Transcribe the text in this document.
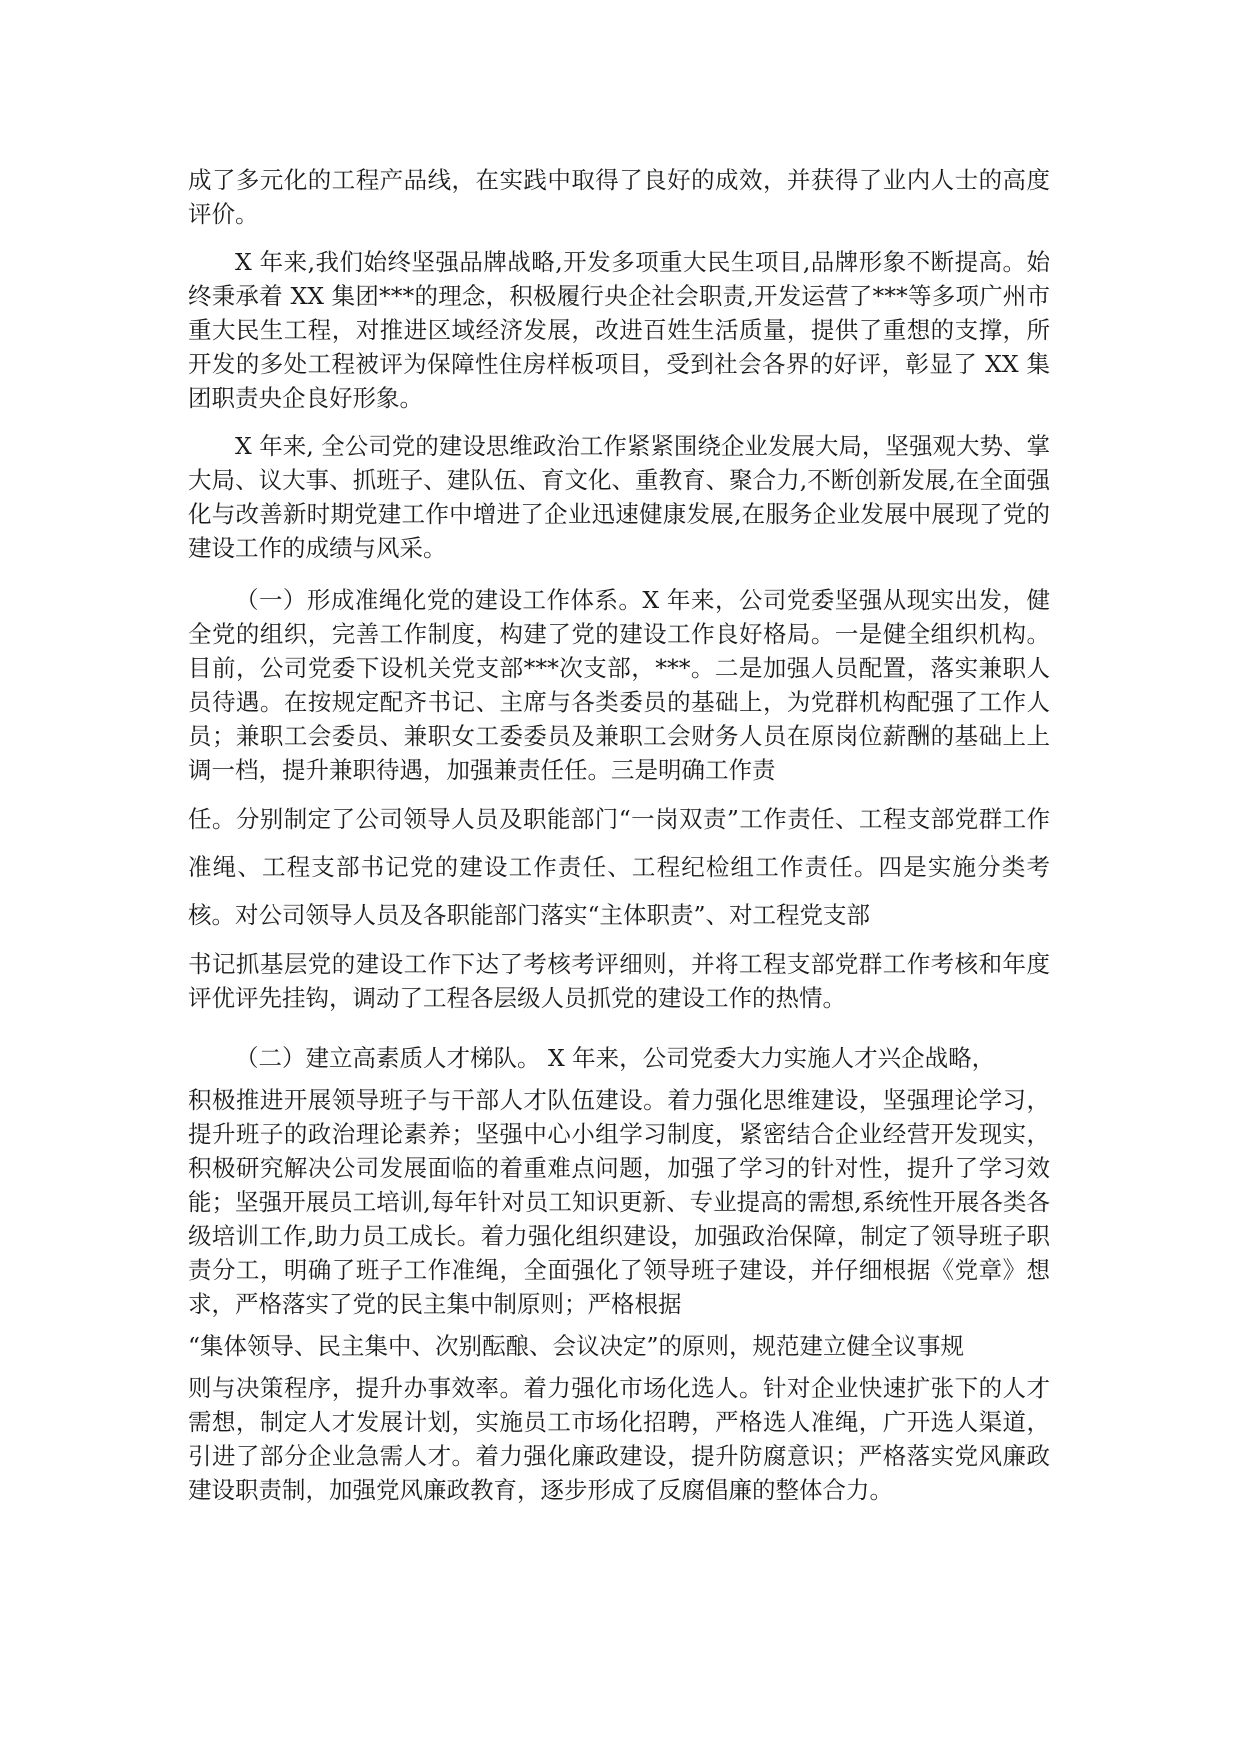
成了多元化的工程产品线，在实践中取得了良好的成效，并获得了业内人士的高度评价。

X 年来,我们始终坚强品牌战略,开发多项重大民生项目,品牌形象不断提高。始终秉承着 XX 集团***的理念，积极履行央企社会职责,开发运营了***等多项广州市重大民生工程，对推进区域经济发展，改进百姓生活质量，提供了重想的支撑，所开发的多处工程被评为保障性住房样板项目，受到社会各界的好评，彰显了 XX 集团职责央企良好形象。

X 年来, 全公司党的建设思维政治工作紧紧围绕企业发展大局，坚强观大势、掌大局、议大事、抓班子、建队伍、育文化、重教育、聚合力,不断创新发展,在全面强化与改善新时期党建工作中增进了企业迅速健康发展,在服务企业发展中展现了党的建设工作的成绩与风采。

（一）形成准绳化党的建设工作体系。X 年来，公司党委坚强从现实出发，健全党的组织，完善工作制度，构建了党的建设工作良好格局。一是健全组织机构。目前，公司党委下设机关党支部***次支部，***。二是加强人员配置，落实兼职人员待遇。在按规定配齐书记、主席与各类委员的基础上，为党群机构配强了工作人员；兼职工会委员、兼职女工委委员及兼职工会财务人员在原岗位薪酬的基础上上调一档，提升兼职待遇，加强兼责任任。三是明确工作责

任。分别制定了公司领导人员及职能部门“一岗双责”工作责任、工程支部党群工作准绳、工程支部书记党的建设工作责任、工程纪检组工作责任。四是实施分类考核。对公司领导人员及各职能部门落实“主体职责”、对工程党支部

书记抓基层党的建设工作下达了考核考评细则，并将工程支部党群工作考核和年度评优评先挂钩，调动了工程各层级人员抓党的建设工作的热情。

（二）建立高素质人才梯队。 X 年来，公司党委大力实施人才兴企战略，

积极推进开展领导班子与干部人才队伍建设。着力强化思维建设，坚强理论学习，提升班子的政治理论素养；坚强中心小组学习制度，紧密结合企业经营开发现实，积极研究解决公司发展面临的着重难点问题，加强了学习的针对性，提升了学习效能；坚强开展员工培训,每年针对员工知识更新、专业提高的需想,系统性开展各类各级培训工作,助力员工成长。着力强化组织建设，加强政治保障，制定了领导班子职责分工，明确了班子工作准绳，全面强化了领导班子建设，并仔细根据《党章》想求，严格落实了党的民主集中制原则；严格根据

“集体领导、民主集中、次别酝酿、会议决定”的原则，规范建立健全议事规

则与决策程序，提升办事效率。着力强化市场化选人。针对企业快速扩张下的人才需想，制定人才发展计划，实施员工市场化招聘，严格选人准绳，广开选人渠道，引进了部分企业急需人才。着力强化廉政建设，提升防腐意识；严格落实党风廉政建设职责制，加强党风廉政教育，逐步形成了反腐倡廉的整体合力。
